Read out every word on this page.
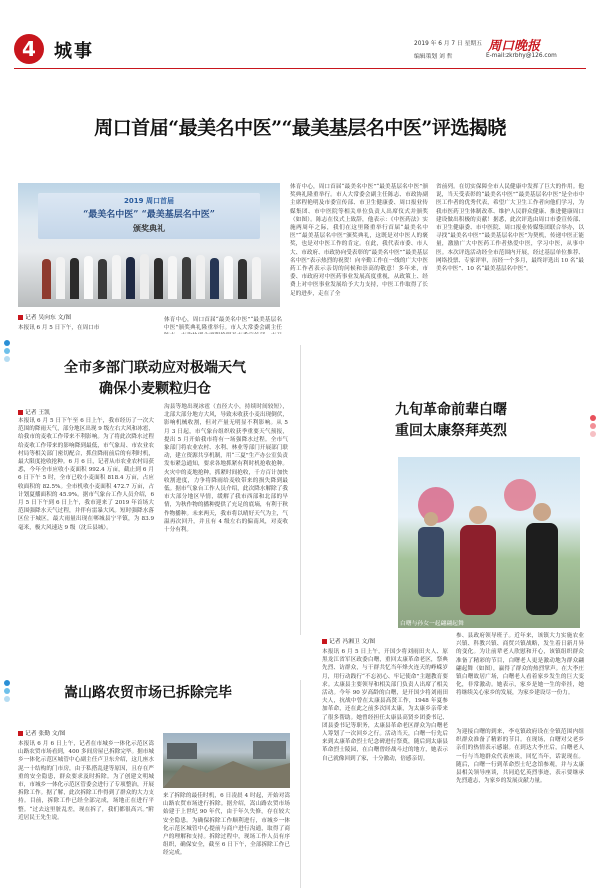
4	城事	2019 年 6 月 7 日 星期五
编辑策划 刘 哲
周口晚报
E-mail:zkrbhy@126.com
周口首届“最美名中医”“最美基层名中医”评选揭晓
2019 周口首届
“最美名中医” “最美基层名中医”
颁奖典礼
记者 吴向东 文/图
本报讯 6 月 5 日下午，在周口市
体育中心，周口首届“最美名中医”“最美基层名中医”颁奖典礼隆重举行。市人大常委会副主任
体育中心，周口首届“最美名中医”“最美基层名中医”颁奖典礼隆重举行。市人大常委会副主任陈志、市政协副主席程艳明及市委宣传部、市卫生健康委、周口报业传媒集团、市中医院等相关单位负责人出席仪式并颁奖（如图）。陈志在仪式上致辞，他表示：《中医药法》实施两周年之际，我们在这里隆重举行首届“最美名中医”“最美基层名中医”颁奖典礼，这既是对中医人的褒奖，也是对中医工作的肯定。在此，我代表市委、市人大、市政府、市政协向受表彰的“最美名中医”“最美基层名中医”表示热烈的祝贺！向辛勤工作在一线的广大中医药工作者表示亲切的问候和崇高的敬意！多年来，市委、市政府对中医药事业发展高度重视，从政策上、经费上对中医事业发展给予大力支持，中医工作取得了长足的进步，走在了全
省前列。在切实保障全市人民健康中发挥了巨大的作用。他说，当天受表彰的“最美名中医”“最美基层名中医”是全市中医工作者的优秀代表，希望广大卫生工作者向他们学习，为我市医药卫生体制改革、维护人民群众健康、推进健康周口建设做出积极的贡献！据悉，此次评选由周口市委宣传部、市卫生健康委、市中医院、周口报业传媒集团联合举办，以寻找“最美名中医”“最美基层名中医”为契机，传递中医正能量，激励广大中医药工作者热爱中医，学习中医，从事中医。本次评选活动经全市范围内开展，经过基层单位推荐、网络投票、专家评审，历经一个多月，最终评选出 10 名“最美名中医”、10 名“最美基层名中医”。
全市多部门联动应对极端天气
确保小麦颗粒归仓
记者 王凯
本报讯 6 月 5 日下午至 6 日上午，我市经历了一次大范围的降雨天气，部分地区出现 9 级左右大风和冰雹，给我市的麦收工作带来不利影响。为了将此次降水过程给麦收工作带来的影响降到最低，市气象局、市农业农村局等相关部门密切配合，抓住降雨前后的有利时机，最大限度抢收抢种。6 月 6 日，记者从市农业农村局获悉，今年全市应收小麦面积 992.4 万亩，截止到 6 月 6 日下午 5 时，全市已收小麦面积 818.4 万亩，占应收面积的 82.5%。全市机收小麦面积 472.7 万亩，占计划夏播面积的 45.9%。据市气象台工作人员介绍，6 月 5 日下午到 6 日上午，我市迎来了 2019 年首场大范围强降水天气过程，并伴有雷暴大风。短时强降水落区位于城区，最大雨量出现在郸城县宁平镇，为 83.9 毫米，极大风速达 9 级（沈丘县城）。
沟县等地出现冰雹（直径大小，持续时间较短），北部大部分地方大风，导致未收获小麦出现倒伏，影响机械收割，但对产量无明显不利影响。从 5 月 3 日起，市气象台组织收获季重要天气预报，提出 5 月开始我市将有一场强降水过程。全市气象部门将农业农村、水利、林业等部门开展部门联动，建立资源共享机制，用“三夏”生产办公室负责发布紧急通知，要求各地抓紧有利时机抢收抢种。火灾中的麦地抢种，抓紧时间抢收，千方百计加快收割进度，力争将降雨给麦收带来的损失降到最低。据市气象台工作人员介绍，此次降水解除了我市大部分地区旱情，缓解了我市西部和北部的旱情，为秋作物的播种提供了充足的底墒，有利于秋作物播种。未来两天，我市将以晴好天气为主，气温再次回升，并且有 4 级左右的偏南风，对麦收十分有利。
九旬革命前辈白曙
重回太康祭拜英烈
白曙与孙女一起翩翩起舞
记者 冯湘卫 文/图
本报讯 6 月 5 日上午，开国少将刘雨田夫人、原黑龙江省军区政委白曙，重回太康革命老区，祭典先烈、访群众，与干群共忆当年烽火连天的峥嵘岁月，用行动践行“不忘初心、牢记使命”主题教育要求。太康县主要领导和相关部门负责人出席了相关活动。今年 90 岁高龄的白曙，是开国少将刘雨田夫人，抗战中曾在太康县高贤工作，1948 年夏参加革命，还在此之前多次回太康，为太康乡亲带来了很多帮助。她曾经担任太康县高贤乡团委书记、团县委书记等职务，太康县革命老区群众为白曙老人筹划了一次回乡之行。活动当天，白曙一行先后来到太康革命烈士纪念碑进行祭奠，随后到太康县革命烈士陵园，在白曙曾经战斗过的地方，她表示自己就像回到了家，十分激动，倍感亲切。
参、县政府领导班子。近年来，该镇大力实施农业兴镇、科教兴镇、商贸兴镇战略，发生着日新月异的变化。为让前辈老人欣慰和开心，该镇组织群众准备了精彩的节目，白曙老人更是激动地为群众翩翩起舞（如图），赢得了群众的热烈掌声。在大李庄镇白曙故居广场，白曙老人看着家乡发生的巨大变化，非常激动。她表示，家乡是她一生的牵挂，她将继续关心家乡的发展，为家乡建设尽一份力。
为迎接白曙的到来，李屯镇政府设在全镇范围内组织群众准备了精彩的节目。在现场，白曙对父老乡亲们的热情表示感谢。在到达大李庄后，白曙老人一行与当地群众代表座谈，回忆当年，话说现在。随后，白曙一行到革命烈士纪念馆参观，并与太康县相关领导座谈，共同追忆英烈事迹，表示要继承先烈遗志，为家乡的发展贡献力量。
嵩山路农贸市场已拆除完毕
记者 张勤 文/图
本报讯 6 月 6 日上午，记者在市城乡一体化示范区嵩山路农贸市场看到，400 多间房屋已拆除完毕。据市城乡一体化示范区城管中心副主任卢卫东介绍，这几座水泥一十结构的门市房，由于私搭乱建等原因，且存在严重的安全隐患，群众要求及时拆除。为了创建文明城市，市城乡一体化示范区管委会进行了专项整治，开展拆除工作。据了解，此次拆除工作得到了群众的大力支持。目前，拆除工作已经全部完成，场地正在进行平整。“过去这里脏乱差，现在拆了，我们都很高兴。”附近居民王先生说。
来了拆除的最佳时机，6 日凌晨 4 时起，开始对嵩山路农贸市场进行拆除。据介绍，嵩山路农贸市场始建于上世纪 90 年代，由于年久失修，存在较大安全隐患。为确保拆除工作顺利进行，市城乡一体化示范区城管中心提前与商户进行沟通，取得了商户的理解和支持。拆除过程中，现场工作人员有序组织，确保安全，截至 6 日下午，全部拆除工作已经完成。
